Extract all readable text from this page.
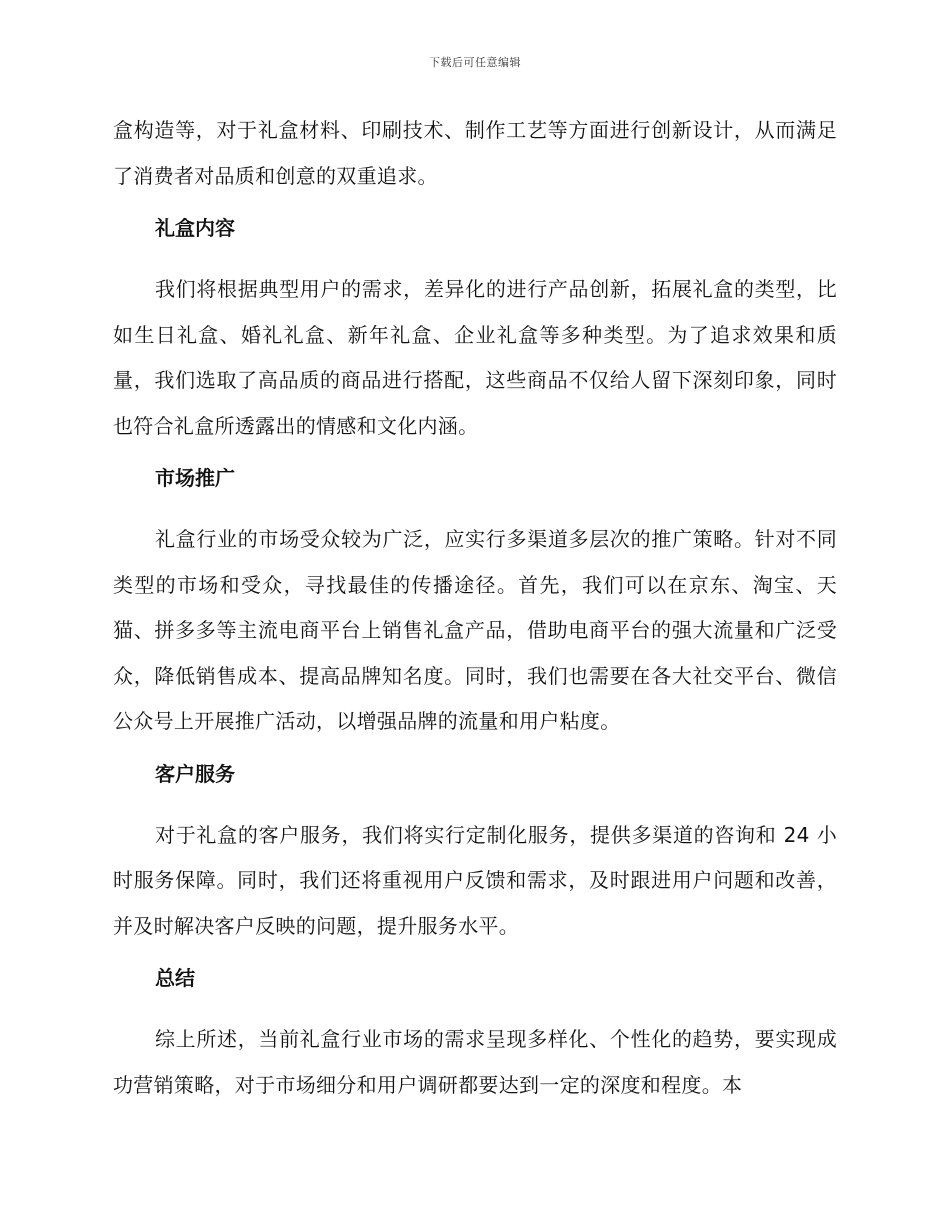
下载后可任意编辑

盒构造等，对于礼盒材料、印刷技术、制作工艺等方面进行创新设计，从而满足了消费者对品质和创意的双重追求。

礼盒内容

我们将根据典型用户的需求，差异化的进行产品创新，拓展礼盒的类型，比如生日礼盒、婚礼礼盒、新年礼盒、企业礼盒等多种类型。为了追求效果和质量，我们选取了高品质的商品进行搭配，这些商品不仅给人留下深刻印象，同时也符合礼盒所透露出的情感和文化内涵。

市场推广

礼盒行业的市场受众较为广泛，应实行多渠道多层次的推广策略。针对不同类型的市场和受众，寻找最佳的传播途径。首先，我们可以在京东、淘宝、天猫、拼多多等主流电商平台上销售礼盒产品，借助电商平台的强大流量和广泛受众，降低销售成本、提高品牌知名度。同时，我们也需要在各大社交平台、微信公众号上开展推广活动，以增强品牌的流量和用户粘度。

客户服务

对于礼盒的客户服务，我们将实行定制化服务，提供多渠道的咨询和 24 小时服务保障。同时，我们还将重视用户反馈和需求，及时跟进用户问题和改善，并及时解决客户反映的问题，提升服务水平。

总结

综上所述，当前礼盒行业市场的需求呈现多样化、个性化的趋势，要实现成功营销策略，对于市场细分和用户调研都要达到一定的深度和程度。本
